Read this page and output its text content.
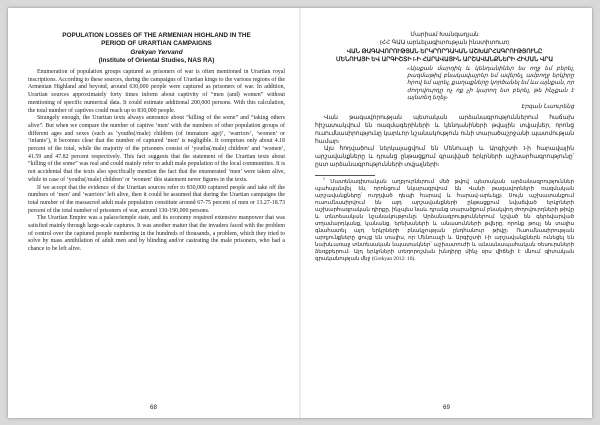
POPULATION LOSSES OF THE ARMENIAN HIGHLAND IN THE
PERIOD OF URARTIAN CAMPAIGNS
Grekyan Yervand
(Institute of Oriental Studies, NAS RA)

Enumeration of population groups captured as prisoners of war is often mentioned in Urartian royal inscriptions. According to these sources, during the campaigns of Urartian kings to the various regions of the Armenian Highland and beyond, around 630,000 people were captured as prisoners of war. In addition, Urartian sources approximately forty times inform about captivity of “men (and) women” without mentioning of specific numerical data. It could estimate additional 200,000 persons. With this calculation, the total number of captives could reach up to 830,000 people.

Strangely enough, the Urartian texts always announce about “killing of the some” and “taking others alive”. But when we compare the number of captive ‘men’ with the numbers of other population groups of different ages and sexes (such as ‘youths(/male) children (of immature age)’, ‘warriors’, ‘women’ or ‘infants’), it becomes clear that the number of captured ‘men’ is negligible. It comprises only about 4.18 percent of the total, while the majority of the prisoners consist of ‘youths(/male) children’ and ‘women’, 41.59 and 47.82 percent respectively. This fact suggests that the statement of the Urartian texts about “killing of the some” was real and could mainly refer to adult male population of the local communities. It is not accidental that the texts also specifically mention the fact that the enumerated ‘men’ were taken alive, while in case of ‘youths(/male) children’ or ‘women’ this statement never figures in the texts.

If we accept that the evidence of the Urartian sources refer to 830,000 captured people and take off the numbers of ‘men’ and ‘warriors’ left alive, then it could be assumed that during the Urartian campaigns the total number of the massacred adult male population constitute around 67-75 percent of men or 13.27-18.73 percent of the total number of prisoners of war, around 130-190,000 persons.

The Urartian Empire was a palace/temple state, and its economy required extensive manpower that was satisfied mainly through large-scale captures. It was another matter that the invaders faced with the problem of control over the captured people numbering in the hundreds of thousands, a problem, which they tried to solve by mass annihilation of adult men and by blinding and/or castrating the male prisoners, who had a chance to be left alive.

68
Մարիամ Խանզադյան
(ՀՀ ԳԱԱ արևելագիտության ինստիտուտ)
ՎԱՆ ԹԱԳԱՎՈՐՈՒԹՅԱՆ ԵՐԿՐՈՐԴԱԿԱՆ ԱՇԽԱՐՀԱԳՐՈՒԹՅՈՒՆԸ
ՄԵՆՈՒԱՅԻ ԵՎ ԱՐԳԻՇՏԻ I-Ի ՀԱՐԱՎԱՅԻՆ ԱՐՇԱՎԱՆՔՆԵՐԻ ՀԻՄԱՆ ՎՐԱ
«Այսքան մարդիկ և կենդանիներ ես ողջ եմ բերել, բազմաթիվ բնակավայրեր եմ ավերել, ամբողջ երկիրը հրով եմ այրել, քաղաքները կործանել եմ ևս այնքան, որ ժողովուրդը ոչ ոք չի կարող ետ բերել, թե ինչքան է այնտեղ եղել»
Էրգան Նաուրենց

Վան թագավորության պետական արձանագրություններում հաճախ հիշատակվում են ռազմագերիների և կենդանիների թվային տվյալներ, որոնց ուսումնասիրությունը կարևոր նշանակություն ունի տարածաշրջանի պատմության համար։

Այս հոդվածում ներկայացվում են Մենուայի և Արգիշտի I-ի հարավային արշավանքները և դրանց ընթացքում գրավված երկրների աշխարհագրությունը՝ ըստ արձանագրությունների տվյալների։

$^1$ Մատենագիտական աղբյուրներում մեծ թվով պետական արձանագրություններ պահպանվել են, որոնցում նկարագրվում են Վանի թագավորների ռազմական արշավանքները՝ ուղղված դեպի հարավ և հարավ-արևելք։ Սույն աշխատանքում ուսումնասիրվում են այդ արշավանքների ընթացքում նվաճված երկրների աշխարհագրական դիրքը, ինչպես նաև դրանց տարածքում բնակվող ժողովուրդների թիվը և տնտեսական նշանակությունը։ Արձանագրություններում նշված են գերեվարված տղամարդկանց, կանանց, երեխաների և անասունների թվերը, որոնք թույլ են տալիս գնահատել այդ երկրների բնակչության ընդհանուր թիվը։ Ուսումնասիրության արդյունքները ցույց են տալիս, որ Մենուայի և Արգիշտի I-ի արշավանքներն ունեցել են նախևառաջ տնտեսական նպատակներ՝ աշխատուժի և անասնապահական ռեսուրսների ձեռքբերում։ Այդ երկրների տեղորոշման խնդիրը մինչ օրս վիճելի է մնում գիտական գրականության մեջ (Grekyan 2012: 10).

69
